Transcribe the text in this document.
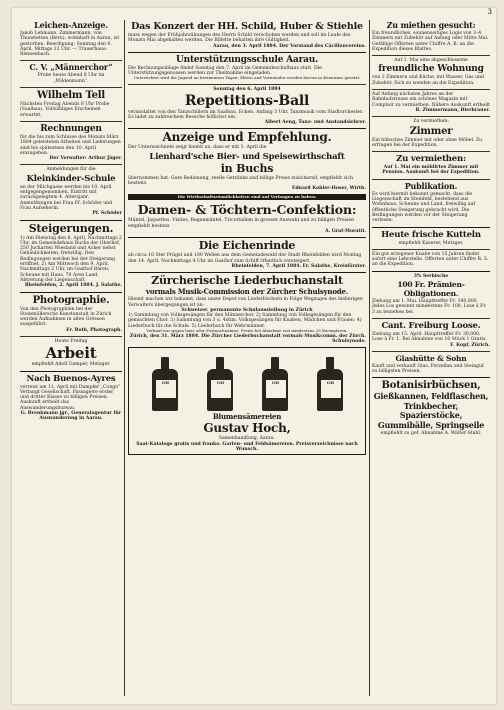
3
Leichen-Anzeige.

Jakob Lehmann, Zimmermann, von Thunstetten (Bern), wohnhaft in Aarau, ist gestorben. Beerdigung: Sonntag den 6. April, Mittags 12 Uhr. — Trauerhaus: Rennenbach.

C. V. „Männerchor“

Probe heute Abend 8 Uhr im „Wildenmann“.

Wilhelm Tell

Nächsten Freitag Abends 8 Uhr Probe (Saalbau). Vollzähliges Erscheinen erwartet.

Rechnungen

für die bis zum Schlusse des Monats März 1884 geleisteten Arbeiten und Lieferungen sind bis spätestens den 10. April einzugeben.

Der Verwalter: Arthur Jäger.

Anmeldungen für die

Kleinkinder-Schule

an der Milchgasse werden bis 10. April entgegengenommen. Eintritt mit zurückgelegtem 4. Altersjahr. Anmeldungen bei Frau Pf. Schöder und Frau Aufseherin.

Pf. Schöder

Steigerungen.

1) Am Dienstag den 8. April, Nachmittags 2 Uhr, im Gemeindehaus Buchs der Oberhof, 250 Jucharten Wiesland und Acker nebst Gebäulichkeiten, freiwillig. Den Bedingungen werden bei der Steigerung eröffnet. 2) Am Mittwoch den 9. April, Nachmittags 2 Uhr, im Gasthof Bären, Scheune mit Haus, 70 Aren Land, Abtretung der Liegenschaft.

Rheinfelden, 2. April 1884. J. Salathe.

Photographie.

Von den Photographien bei der Steinmüllersche Kunstanstalt in Zürich werden Aufnahmen in allen Grössen ausgeführt.

Fr. Roth, Photograph.

Heute Freitag

Arbeit

empfiehlt Adolf Gamper, Metzger.

Nach Buenos-Ayres

verreist am 11. April mit Dampfer „Congo“ Verlangt Gesellschaft. Passagiere erster und dritter Klasse zu billigen Preisen. Auskunft ertheilt das Auswanderungsbureau.

G. Brenkmann jgr., Generalagentur für Auswanderung in Aarau.

Das Konzert der HH. Schild, Huber & Stiehle

muss wegen der Frühjahrsübungen des Herrn Schild verschoben werden und soll im Laufe des Monats Mai abgehalten werden. Die Billette behalten ihre Gültigkeit.

Aarau, den 3. April 1884. Der Vorstand des Cäcilienvereins.

Unterstützungsschule Aarau.

Die Rechnungsablage findet Sonntag den 7. April im Gemeindeschulhaus statt. Die Unterstützungsgenossen werden zur Theilnahme eingeladen.

Unterrichtet wird die Jugend an bestimmten Tagen; Eltern und Vormünder werden hievon in Kenntniss gesetzt.

Sonntag den 6. April 1884

Repetitions-Ball

veranstaltet von den Tanzschülern im Saalbau, Ecken. Anfang 3 Uhr. Tanzmusik vom Stadtorchester. Es ladet zu zahlreichem Besuche höflichst ein.

Albert Aeng, Tanz- und Anstandslehrer.

Anzeige und Empfehlung.

Der Unterzeichnete zeigt hiemit an, dass er mit 1. April die

Lienhard'sche Bier- und Speisewirthschaft
in Buchs

übernommen hat. Gute Bedienung, reelle Getränke und billige Preise zusichernd, empfiehlt sich bestens.

Eduard Kohler-Hoser, Wirth.

Die Wirthschaftsräumlichkeiten sind auf Verlangen zu haben.
Damen- & Töchtern-Confektion:

Mäntel, Jaquettes, Visites, Regenmäntel, Tricottaillen in grosser Auswahl und zu billigen Preisen empfiehlt bestens

A. Graf-Moratti.

Die Eichenrinde

ab circa 10 Ster Prügel und 100 Wellen aus dem Gemeindewald der Stadt Rheinfelden wird Montag den 14. April, Nachmittags 4 Uhr im Gasthof zum Schiff öffentlich versteigert.

Rheinfelden, 7. April 1884. Fr. Salathe, Kreisförster.

Zürcherische Liederbuchanstalt
vormals Musik-Commission der Zürcher Schulsynode.

Hiemit machen wir bekannt, dass unser Depot von Liederbüchern in Folge Wegzuges des bisherigen Verwalters übergegangen ist an:

Schweizer. permanente Schulausstellung in Zürich

1) Sammlung von Volksgesängen für den Männerchor. 2) Sammlung von Volksgesängen für den gemischten Chor. 3) Sammlung von 3 u. 4stim. Volksgesängen für Knaben, Mädchen und Frauen. 4) Liederbuch für die Schule. 5) Liederbuch für Wehrmänner.

Verkauf nur gegen baar oder Postnachnahme. Preise bei Abnahme von mindestens 25 Exemplaren.

Zürich, den 31. März 1884. Die Zürcher Liederbuchanstalt vormals Musikcomm. der Zürch. Schulsynode.

GH	GH	GH	GH
Blumensämereien
Gustav Hoch,

Samenhandlung, Aarau.

Saat-Kataloge gratis und franko. Garten- und Feldsämereien. Preisverzeichnisse nach Wunsch.

Zu miethen gesucht:

Ein freundliches, sonnenseitiges Logis von 3–4 Zimmern mit Zubehör auf Anfang oder Mitte Mai. Gefällige Offerten unter Chiffre A. B. an die Expedition dieses Blattes.

Auf 1. Mai eine abgeschlossene

freundliche Wohnung

von 3 Zimmern und Küche, mit Wasser, Gas und Zubehör. Sich zu wenden an die Expedition.

Auf Anfang nächsten Jahres an der Bahnhofstrasse ein schönes Magazin mit Comptoir zu vermiethen. Nähere Auskunft ertheilt

R. Zimmermann, Bierbrauer.

Zu vermiethen:

Zimmer

Ein hübsches Zimmer mit oder ohne Möbel. Zu erfragen bei der Expedition.

Zu vermiethen:

Auf 1. Mai ein möblirtes Zimmer mit Pension. Auskunft bei der Expedition.

Publikation.

Es wird hiermit bekannt gemacht, dass die Liegenschaft im Steinfeld, bestehend aus Wohnhaus, Scheune und Land, freiwillig auf öffentliche Steigerung gebracht wird. Die Bedingungen werden vor der Steigerung verlesen.

Heute frische Kutteln

empfiehlt Kaserer, Metzger.

Ein gut erzogener Knabe von 15 Jahren findet sofort eine Lehrstelle. Offerten unter Chiffre R. S. an die Expedition.

3% Serbische

100 Fr. Prämien-Obligationen.

Ziehung am 1. Mai. Haupttreffer Fr. 100,000. Jedes Los gewinnt mindestens Fr. 100. Lose à Fr. 3 zu beziehen bei

Cant. Freiburg Loose.

Ziehung am 15. April. Haupttreffer Fr. 30,000. Lose à Fr. 1. Bei Abnahme von 10 Stück 1 Gratis.

F. Kopf, Zürich.

Glashütte & Sohn

Kauft und verkauft Glas, Porzellan und Steingut zu billigsten Preisen.

Botanisirbüchsen,
Gießkannen, Feldflaschen, Trinkbecher, Spazierstöcke, Gummibälle, Springseile

empfiehlt zu gef. Abnahme A. Wälter-Stahl.
